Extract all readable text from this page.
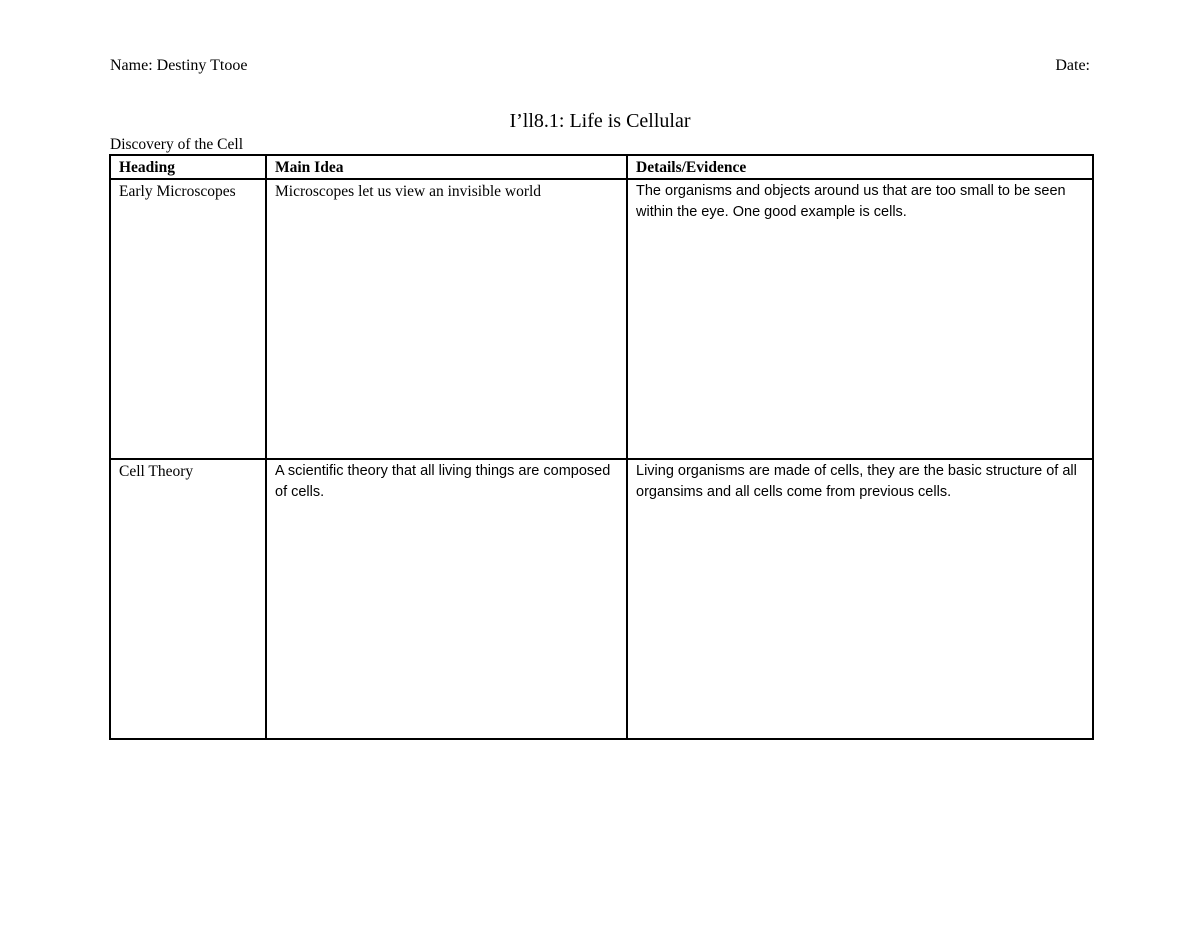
Name: Destiny Ttooe	Date:
I’ll8.1: Life is Cellular
Discovery of the Cell
Heading	Main Idea	Details/Evidence
Early Microscopes	Microscopes let us view an invisible world	The organisms and objects around us that are too small to be seen within the eye. One good example is cells.
Cell Theory	A scientific theory that all living things are composed of cells.	Living organisms are made of cells, they are the basic structure of all organsims and all cells come from previous cells.
